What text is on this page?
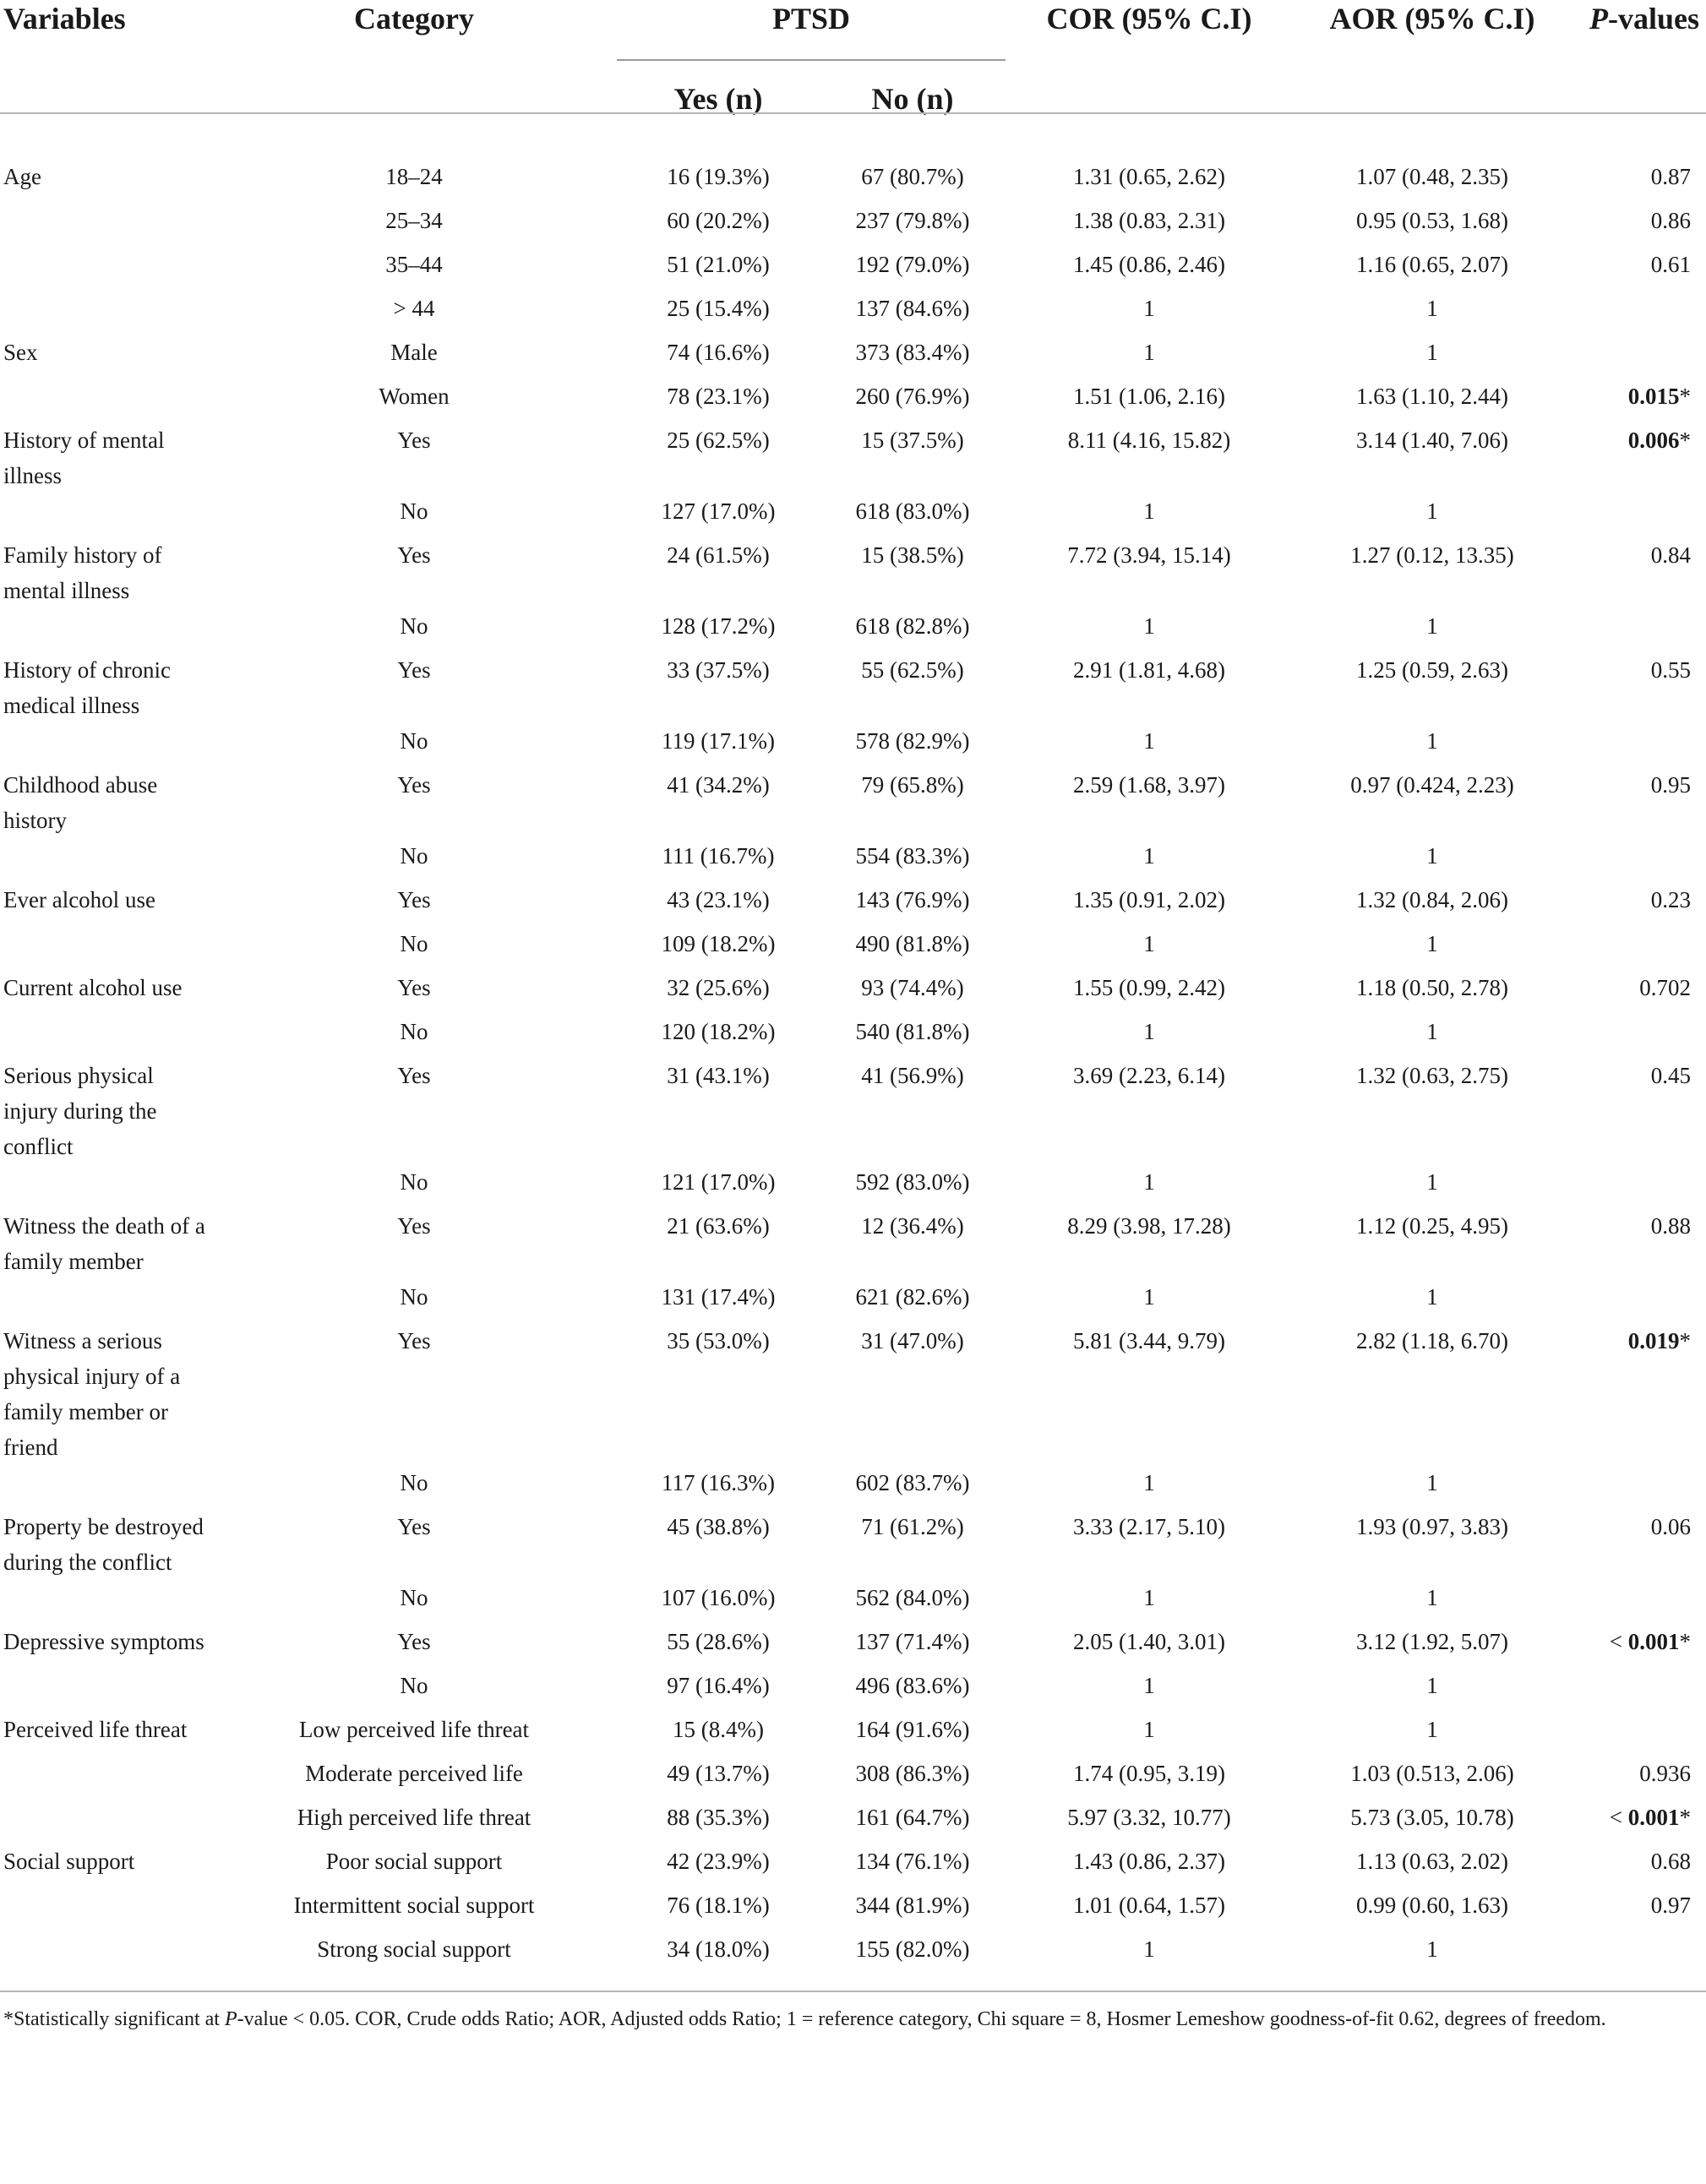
Variables	Category	PTSD		COR (95% C.I)	AOR (95% C.I)	P-values
		Yes (n)	No (n)			
Age	18–24	16 (19.3%)	67 (80.7%)	1.31 (0.65, 2.62)	1.07 (0.48, 2.35)	0.87
	25–34	60 (20.2%)	237 (79.8%)	1.38 (0.83, 2.31)	0.95 (0.53, 1.68)	0.86
	35–44	51 (21.0%)	192 (79.0%)	1.45 (0.86, 2.46)	1.16 (0.65, 2.07)	0.61
	> 44	25 (15.4%)	137 (84.6%)	1	1	
Sex	Male	74 (16.6%)	373 (83.4%)	1	1	
	Women	78 (23.1%)	260 (76.9%)	1.51 (1.06, 2.16)	1.63 (1.10, 2.44)	0.015*
History of mental illness	Yes	25 (62.5%)	15 (37.5%)	8.11 (4.16, 15.82)	3.14 (1.40, 7.06)	0.006*
	No	127 (17.0%)	618 (83.0%)	1	1	
Family history of mental illness	Yes	24 (61.5%)	15 (38.5%)	7.72 (3.94, 15.14)	1.27 (0.12, 13.35)	0.84
	No	128 (17.2%)	618 (82.8%)	1	1	
History of chronic medical illness	Yes	33 (37.5%)	55 (62.5%)	2.91 (1.81, 4.68)	1.25 (0.59, 2.63)	0.55
	No	119 (17.1%)	578 (82.9%)	1	1	
Childhood abuse history	Yes	41 (34.2%)	79 (65.8%)	2.59 (1.68, 3.97)	0.97 (0.424, 2.23)	0.95
	No	111 (16.7%)	554 (83.3%)	1	1	
Ever alcohol use	Yes	43 (23.1%)	143 (76.9%)	1.35 (0.91, 2.02)	1.32 (0.84, 2.06)	0.23
	No	109 (18.2%)	490 (81.8%)	1	1	
Current alcohol use	Yes	32 (25.6%)	93 (74.4%)	1.55 (0.99, 2.42)	1.18 (0.50, 2.78)	0.702
	No	120 (18.2%)	540 (81.8%)	1	1	
Serious physical injury during the conflict	Yes	31 (43.1%)	41 (56.9%)	3.69 (2.23, 6.14)	1.32 (0.63, 2.75)	0.45
	No	121 (17.0%)	592 (83.0%)	1	1	
Witness the death of a family member	Yes	21 (63.6%)	12 (36.4%)	8.29 (3.98, 17.28)	1.12 (0.25, 4.95)	0.88
	No	131 (17.4%)	621 (82.6%)	1	1	
Witness a serious physical injury of a family member or friend	Yes	35 (53.0%)	31 (47.0%)	5.81 (3.44, 9.79)	2.82 (1.18, 6.70)	0.019*
	No	117 (16.3%)	602 (83.7%)	1	1	
Property be destroyed during the conflict	Yes	45 (38.8%)	71 (61.2%)	3.33 (2.17, 5.10)	1.93 (0.97, 3.83)	0.06
	No	107 (16.0%)	562 (84.0%)	1	1	
Depressive symptoms	Yes	55 (28.6%)	137 (71.4%)	2.05 (1.40, 3.01)	3.12 (1.92, 5.07)	< 0.001*
	No	97 (16.4%)	496 (83.6%)	1	1	
Perceived life threat	Low perceived life threat	15 (8.4%)	164 (91.6%)	1	1	
	Moderate perceived life	49 (13.7%)	308 (86.3%)	1.74 (0.95, 3.19)	1.03 (0.513, 2.06)	0.936
	High perceived life threat	88 (35.3%)	161 (64.7%)	5.97 (3.32, 10.77)	5.73 (3.05, 10.78)	< 0.001*
Social support	Poor social support	42 (23.9%)	134 (76.1%)	1.43 (0.86, 2.37)	1.13 (0.63, 2.02)	0.68
	Intermittent social support	76 (18.1%)	344 (81.9%)	1.01 (0.64, 1.57)	0.99 (0.60, 1.63)	0.97
	Strong social support	34 (18.0%)	155 (82.0%)	1	1	
*Statistically significant at P-value < 0.05. COR, Crude odds Ratio; AOR, Adjusted odds Ratio; 1 = reference category, Chi square = 8, Hosmer Lemeshow goodness-of-fit 0.62, degrees of freedom.
